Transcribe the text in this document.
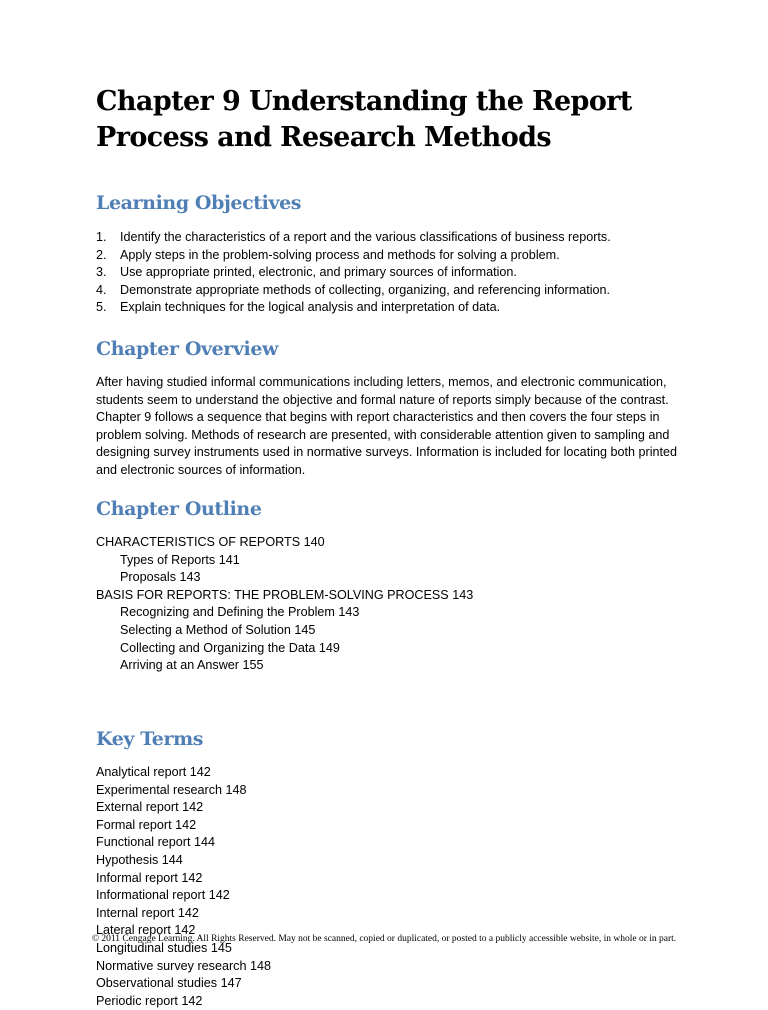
Chapter 9 Understanding the Report Process and Research Methods
Learning Objectives
1.	Identify the characteristics of a report and the various classifications of business reports.
2.	Apply steps in the problem-solving process and methods for solving a problem.
3.	Use appropriate printed, electronic, and primary sources of information.
4.	Demonstrate appropriate methods of collecting, organizing, and referencing information.
5.	Explain techniques for the logical analysis and interpretation of data.
Chapter Overview
After having studied informal communications including letters, memos, and electronic communication, students seem to understand the objective and formal nature of reports simply because of the contrast. Chapter 9 follows a sequence that begins with report characteristics and then covers the four steps in problem solving. Methods of research are presented, with considerable attention given to sampling and designing survey instruments used in normative surveys. Information is included for locating both printed and electronic sources of information.
Chapter Outline
CHARACTERISTICS OF REPORTS 140
Types of Reports 141
Proposals 143
BASIS FOR REPORTS: THE PROBLEM-SOLVING PROCESS 143
Recognizing and Defining the Problem 143
Selecting a Method of Solution 145
Collecting and Organizing the Data 149
Arriving at an Answer 155
Key Terms
Analytical report 142
Experimental research 148
External report 142
Formal report 142
Functional report 144
Hypothesis 144
Informal report 142
Informational report 142
Internal report 142
Lateral report 142
Longitudinal studies 145
Normative survey research 148
Observational studies 147
Periodic report 142
© 2011 Cengage Learning. All Rights Reserved. May not be scanned, copied or duplicated, or posted to a publicly accessible website, in whole or in part.
